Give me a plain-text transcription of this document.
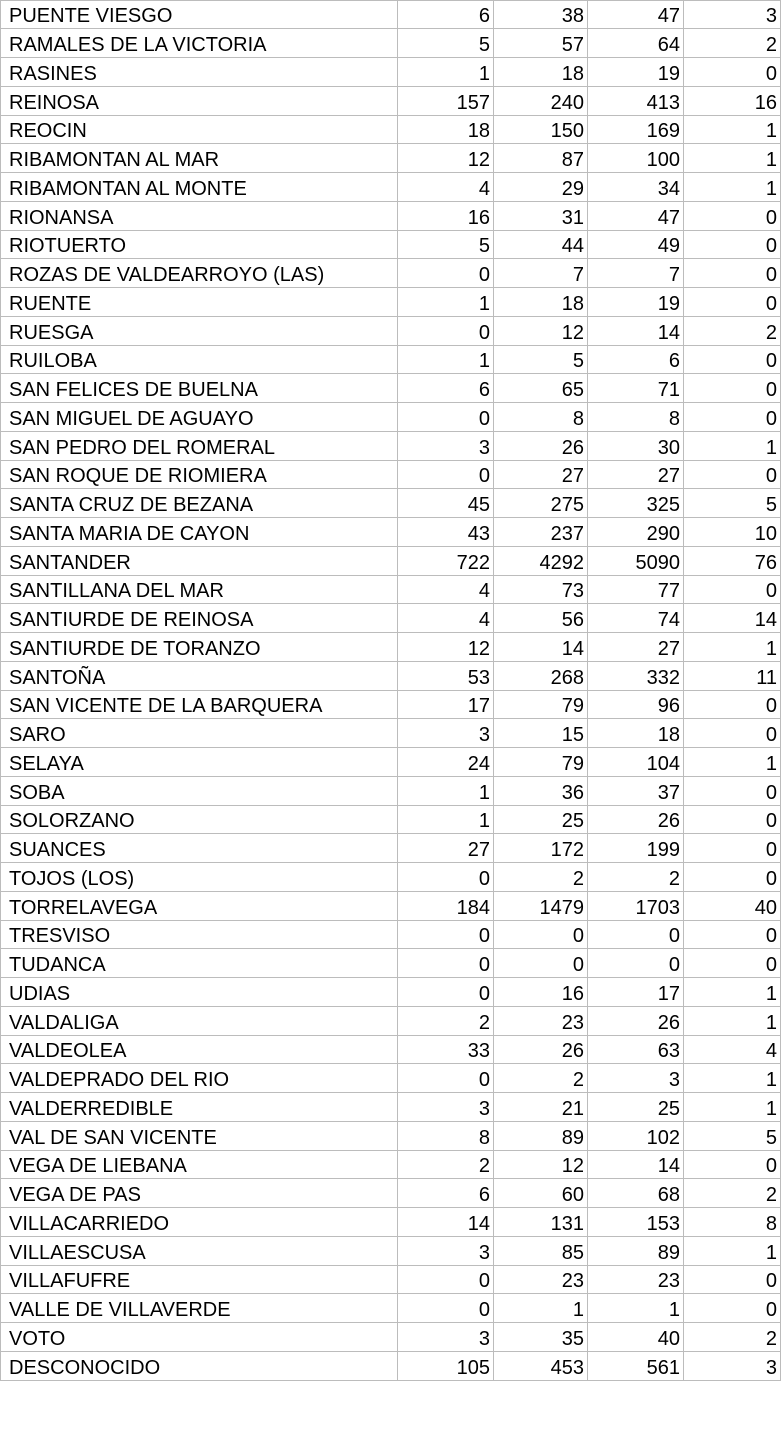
PUENTE VIESGO	6	38	47	3
RAMALES DE LA VICTORIA	5	57	64	2
RASINES	1	18	19	0
REINOSA	157	240	413	16
REOCIN	18	150	169	1
RIBAMONTAN AL MAR	12	87	100	1
RIBAMONTAN AL MONTE	4	29	34	1
RIONANSA	16	31	47	0
RIOTUERTO	5	44	49	0
ROZAS DE VALDEARROYO (LAS)	0	7	7	0
RUENTE	1	18	19	0
RUESGA	0	12	14	2
RUILOBA	1	5	6	0
SAN FELICES DE BUELNA	6	65	71	0
SAN MIGUEL DE AGUAYO	0	8	8	0
SAN PEDRO DEL ROMERAL	3	26	30	1
SAN ROQUE DE RIOMIERA	0	27	27	0
SANTA CRUZ DE BEZANA	45	275	325	5
SANTA MARIA DE CAYON	43	237	290	10
SANTANDER	722	4292	5090	76
SANTILLANA DEL MAR	4	73	77	0
SANTIURDE DE REINOSA	4	56	74	14
SANTIURDE DE TORANZO	12	14	27	1
SANTOÑA	53	268	332	11
SAN VICENTE DE LA BARQUERA	17	79	96	0
SARO	3	15	18	0
SELAYA	24	79	104	1
SOBA	1	36	37	0
SOLORZANO	1	25	26	0
SUANCES	27	172	199	0
TOJOS (LOS)	0	2	2	0
TORRELAVEGA	184	1479	1703	40
TRESVISO	0	0	0	0
TUDANCA	0	0	0	0
UDIAS	0	16	17	1
VALDALIGA	2	23	26	1
VALDEOLEA	33	26	63	4
VALDEPRADO DEL RIO	0	2	3	1
VALDERREDIBLE	3	21	25	1
VAL DE SAN VICENTE	8	89	102	5
VEGA DE LIEBANA	2	12	14	0
VEGA DE PAS	6	60	68	2
VILLACARRIEDO	14	131	153	8
VILLAESCUSA	3	85	89	1
VILLAFUFRE	0	23	23	0
VALLE DE VILLAVERDE	0	1	1	0
VOTO	3	35	40	2
DESCONOCIDO	105	453	561	3
